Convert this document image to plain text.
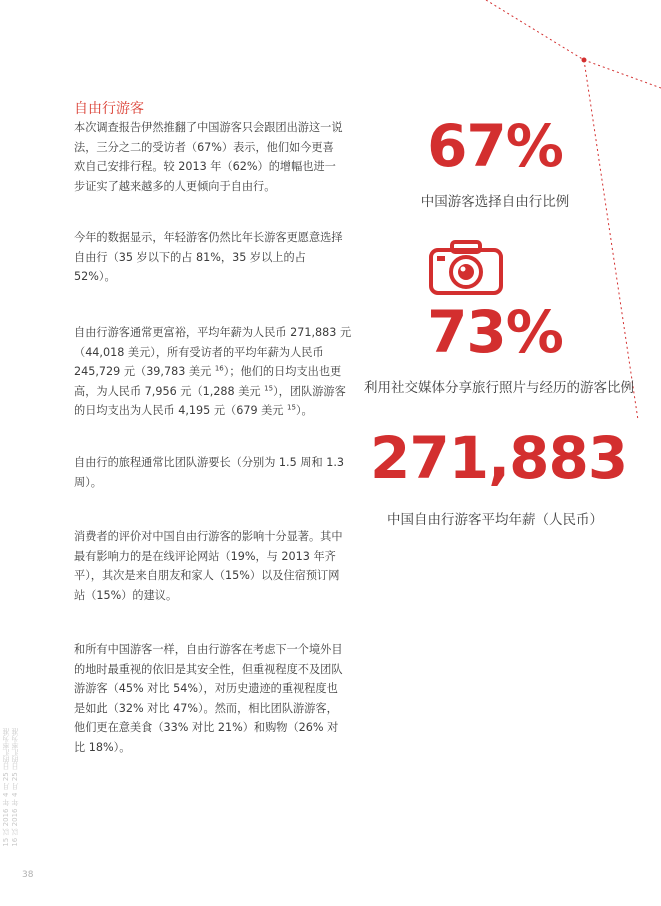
自由行游客

本次调查报告伊然推翻了中国游客只会跟团出游这一说法，三分之二的受访者（67%）表示，他们如今更喜欢自己安排行程。较 2013 年（62%）的增幅也进一步证实了越来越多的人更倾向于自由行。

今年的数据显示，年轻游客仍然比年长游客更愿意选择自由行（35 岁以下的占 81%，35 岁以上的占 52%）。

自由行游客通常更富裕，平均年薪为人民币 271,883 元（44,018 美元），所有受访者的平均年薪为人民币 245,729 元（39,783 美元 $^{16}$）；他们的日均支出也更高，为人民币 7,956 元（1,288 美元 $^{15}$），团队游游客的日均支出为人民币 4,195 元（679 美元 $^{15}$）。

自由行的旅程通常比团队游要长（分别为 1.5 周和 1.3 周）。

消费者的评价对中国自由行游客的影响十分显著。其中最有影响力的是在线评论网站（19%，与 2013 年齐平），其次是来自朋友和家人（15%）以及住宿预订网站（15%）的建议。

和所有中国游客一样，自由行游客在考虑下一个境外目的地时最重视的依旧是其安全性，但重视程度不及团队游游客（45% 对比 54%），对历史遗迹的重视程度也是如此（32% 对比 47%）。然而，相比团队游游客，他们更在意美食（33% 对比 21%）和购物（26% 对比 18%）。

67%
中国游客选择自由行比例
73%
利用社交媒体分享旅行照片与经历的游客比例
271,883
中国自由行游客平均年薪（人民币）
15 以 2016 年 4 月 25 日的汇率为准
16 以 2016 年 4 月 25 日的汇率为准
38
